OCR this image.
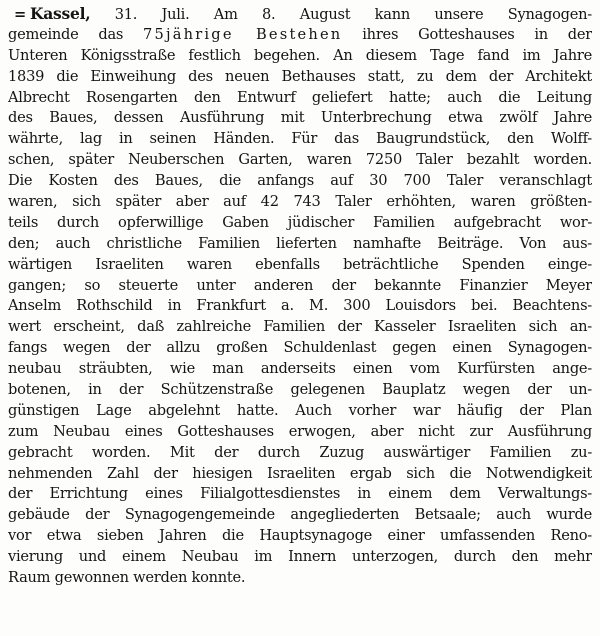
= Kassel, 31. Juli. Am 8. August kann unsere Synagogen-
gemeinde das 75jährige Bestehen ihres Gotteshauses in der
Unteren Königsstraße festlich begehen. An diesem Tage fand im Jahre
1839 die Einweihung des neuen Bethauses statt, zu dem der Architekt
Albrecht Rosengarten den Entwurf geliefert hatte; auch die Leitung
des Baues, dessen Ausführung mit Unterbrechung etwa zwölf Jahre
währte, lag in seinen Händen. Für das Baugrundstück, den Wolff-
schen, später Neuberschen Garten, waren 7250 Taler bezahlt worden.
Die Kosten des Baues, die anfangs auf 30 700 Taler veranschlagt
waren, sich später aber auf 42 743 Taler erhöhten, waren größten-
teils durch opferwillige Gaben jüdischer Familien aufgebracht wor-
den; auch christliche Familien lieferten namhafte Beiträge. Von aus-
wärtigen Israeliten waren ebenfalls beträchtliche Spenden einge-
gangen; so steuerte unter anderen der bekannte Finanzier Meyer
Anselm Rothschild in Frankfurt a. M. 300 Louisdors bei. Beachtens-
wert erscheint, daß zahlreiche Familien der Kasseler Israeliten sich an-
fangs wegen der allzu großen Schuldenlast gegen einen Synagogen-
neubau sträubten, wie man anderseits einen vom Kurfürsten ange-
botenen, in der Schützenstraße gelegenen Bauplatz wegen der un-
günstigen Lage abgelehnt hatte. Auch vorher war häufig der Plan
zum Neubau eines Gotteshauses erwogen, aber nicht zur Ausführung
gebracht worden. Mit der durch Zuzug auswärtiger Familien zu-
nehmenden Zahl der hiesigen Israeliten ergab sich die Notwendigkeit
der Errichtung eines Filialgottesdienstes in einem dem Verwaltungs-
gebäude der Synagogengemeinde angegliederten Betsaale; auch wurde
vor etwa sieben Jahren die Hauptsynagoge einer umfassenden Reno-
vierung und einem Neubau im Innern unterzogen, durch den mehr
Raum gewonnen werden konnte.
